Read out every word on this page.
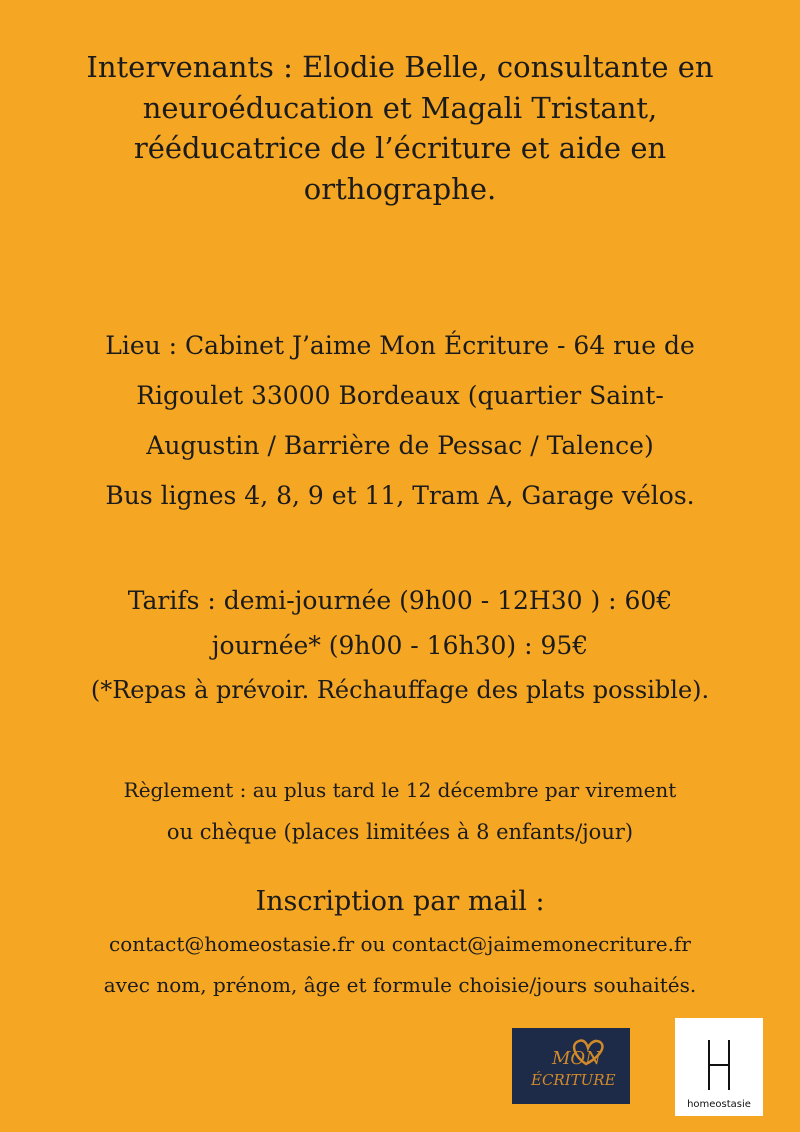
Intervenants : Elodie Belle, consultante en
neuroéducation et Magali Tristant,
rééducatrice de l’écriture et aide en
orthographe.
Lieu : Cabinet J’aime Mon Écriture - 64 rue de
Rigoulet 33000 Bordeaux (quartier Saint-
Augustin / Barrière de Pessac / Talence)
Bus lignes 4, 8, 9 et 11, Tram A, Garage vélos.
Tarifs : demi-journée (9h00 - 12H30 ) : 60€
journée* (9h00 - 16h30) : 95€
(*Repas à prévoir. Réchauffage des plats possible).
Règlement : au plus tard le 12 décembre par virement
ou chèque (places limitées à 8 enfants/jour)
Inscription par mail :
contact@homeostasie.fr ou contact@jaimemonecriture.fr
avec nom, prénom, âge et formule choisie/jours souhaités.
MON
ÉCRITURE
homeostasie
